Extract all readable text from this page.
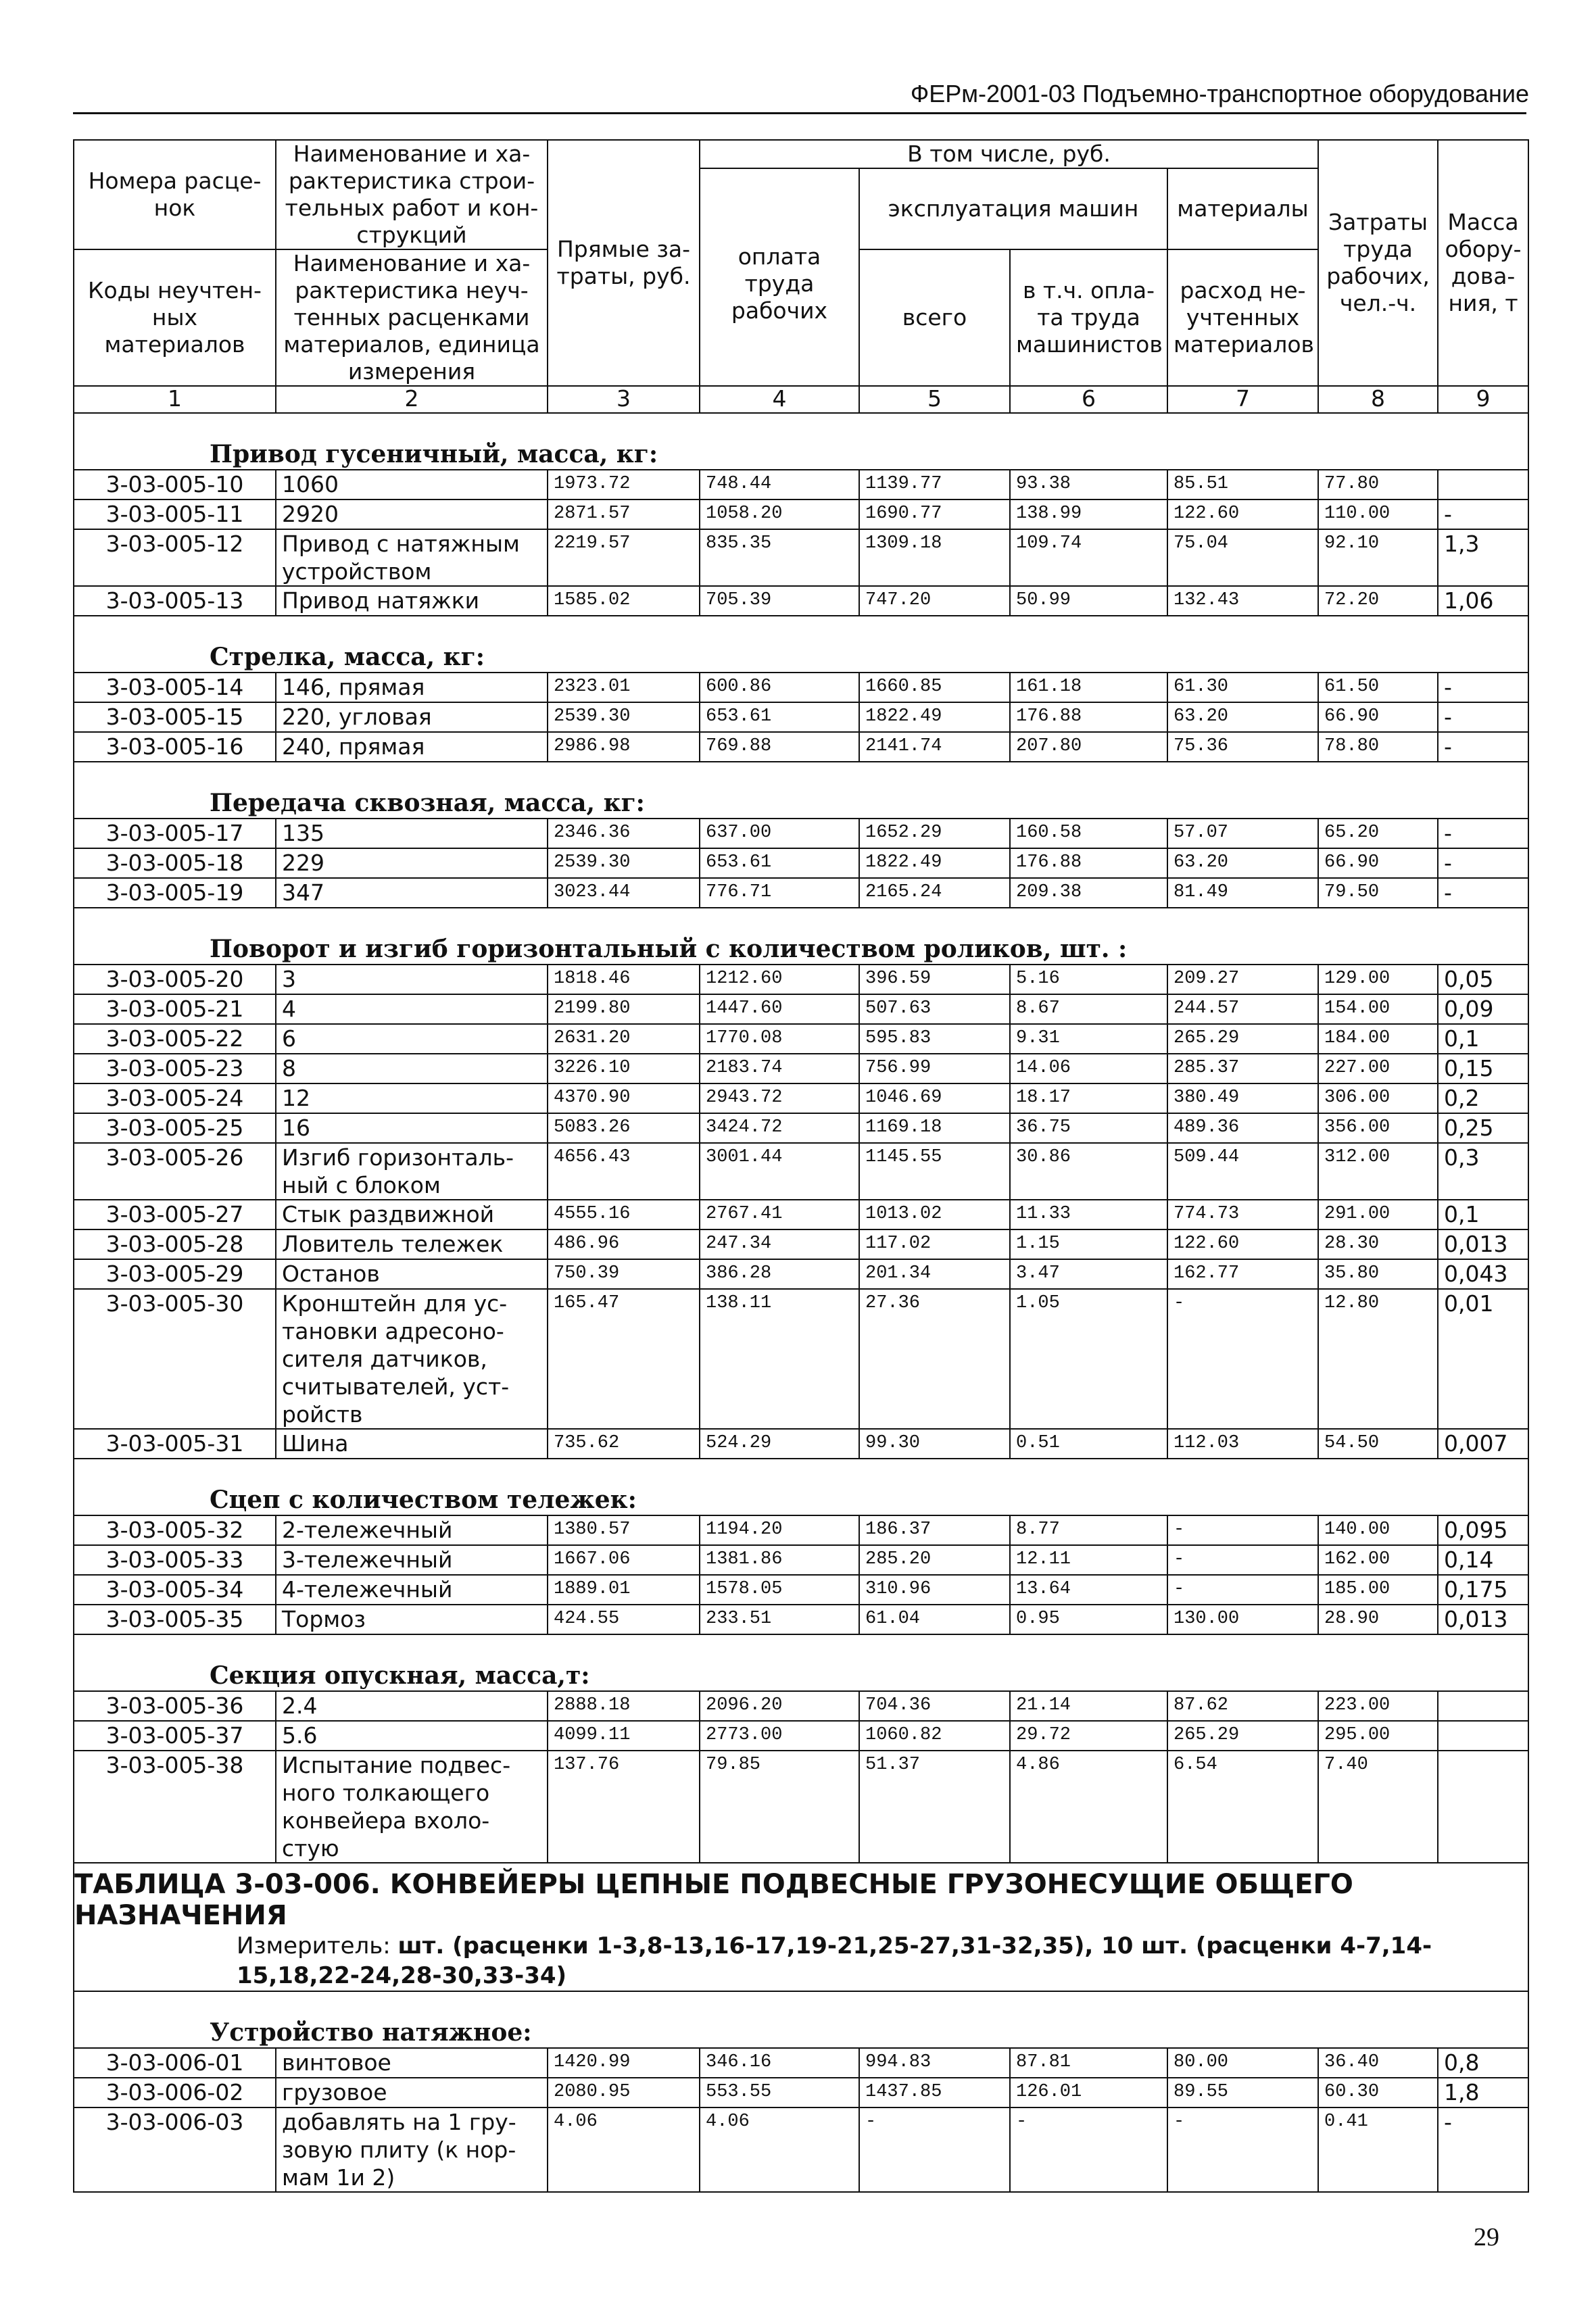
ФЕРм-2001-03 Подъемно-транспортное оборудование
Номера расце-нок	Наименование и ха-рактеристика строи-тельных работ и кон-струкций	Прямые за-траты, руб.	В том числе, руб.				Затраты труда рабочих, чел.-ч.	Масса обору-дова-ния, т
			оплата труда рабочих	эксплуатация машин		материалы		
Коды неучтен-ных материалов	Наименование и ха-рактеристика неуч-тенных расценками материалов, единица измерения			всего	в т.ч. опла-та труда машинистов	расход не-учтенных материалов		
1	2	3	4	5	6	7	8	9
Привод гусеничный, масса, кг:								
3-03-005-10	1060	1973.72	748.44	1139.77	93.38	85.51	77.80	
3-03-005-11	2920	2871.57	1058.20	1690.77	138.99	122.60	110.00	-
3-03-005-12	Привод с натяжным устройством	2219.57	835.35	1309.18	109.74	75.04	92.10	1,3
3-03-005-13	Привод натяжки	1585.02	705.39	747.20	50.99	132.43	72.20	1,06
Стрелка, масса, кг:								
3-03-005-14	146, прямая	2323.01	600.86	1660.85	161.18	61.30	61.50	-
3-03-005-15	220, угловая	2539.30	653.61	1822.49	176.88	63.20	66.90	-
3-03-005-16	240, прямая	2986.98	769.88	2141.74	207.80	75.36	78.80	-
Передача сквозная, масса, кг:								
3-03-005-17	135	2346.36	637.00	1652.29	160.58	57.07	65.20	-
3-03-005-18	229	2539.30	653.61	1822.49	176.88	63.20	66.90	-
3-03-005-19	347	3023.44	776.71	2165.24	209.38	81.49	79.50	-
Поворот и изгиб горизонтальный с количеством роликов, шт. :								
3-03-005-20	3	1818.46	1212.60	396.59	5.16	209.27	129.00	0,05
3-03-005-21	4	2199.80	1447.60	507.63	8.67	244.57	154.00	0,09
3-03-005-22	6	2631.20	1770.08	595.83	9.31	265.29	184.00	0,1
3-03-005-23	8	3226.10	2183.74	756.99	14.06	285.37	227.00	0,15
3-03-005-24	12	4370.90	2943.72	1046.69	18.17	380.49	306.00	0,2
3-03-005-25	16	5083.26	3424.72	1169.18	36.75	489.36	356.00	0,25
3-03-005-26	Изгиб горизонталь-ный с блоком	4656.43	3001.44	1145.55	30.86	509.44	312.00	0,3
3-03-005-27	Стык раздвижной	4555.16	2767.41	1013.02	11.33	774.73	291.00	0,1
3-03-005-28	Ловитель тележек	486.96	247.34	117.02	1.15	122.60	28.30	0,013
3-03-005-29	Останов	750.39	386.28	201.34	3.47	162.77	35.80	0,043
3-03-005-30	Кронштейн для ус-тановки адресоно-сителя датчиков, считывателей, уст-ройств	165.47	138.11	27.36	1.05	-	12.80	0,01
3-03-005-31	Шина	735.62	524.29	99.30	0.51	112.03	54.50	0,007
Сцеп с количеством тележек:								
3-03-005-32	2-тележечный	1380.57	1194.20	186.37	8.77	-	140.00	0,095
3-03-005-33	3-тележечный	1667.06	1381.86	285.20	12.11	-	162.00	0,14
3-03-005-34	4-тележечный	1889.01	1578.05	310.96	13.64	-	185.00	0,175
3-03-005-35	Тормоз	424.55	233.51	61.04	0.95	130.00	28.90	0,013
Секция опускная, масса,т:								
3-03-005-36	2.4	2888.18	2096.20	704.36	21.14	87.62	223.00	
3-03-005-37	5.6	4099.11	2773.00	1060.82	29.72	265.29	295.00	
3-03-005-38	Испытание подвес-ного толкающего конвейера вхоло-стую	137.76	79.85	51.37	4.86	6.54	7.40	
ТАБЛИЦА 3-03-006. КОНВЕЙЕРЫ ЦЕПНЫЕ ПОДВЕСНЫЕ ГРУЗОНЕСУЩИЕ ОБЩЕГО НАЗНАЧЕНИЯ								
Измеритель: шт. (расценки 1-3,8-13,16-17,19-21,25-27,31-32,35), 10 шт. (расценки 4-7,14-15,18,22-24,28-30,33-34)								
Устройство натяжное:								
3-03-006-01	винтовое	1420.99	346.16	994.83	87.81	80.00	36.40	0,8
3-03-006-02	грузовое	2080.95	553.55	1437.85	126.01	89.55	60.30	1,8
3-03-006-03	добавлять на 1 гру-зовую плиту (к нор-мам 1и 2)	4.06	4.06	-	-	-	0.41	-
29
